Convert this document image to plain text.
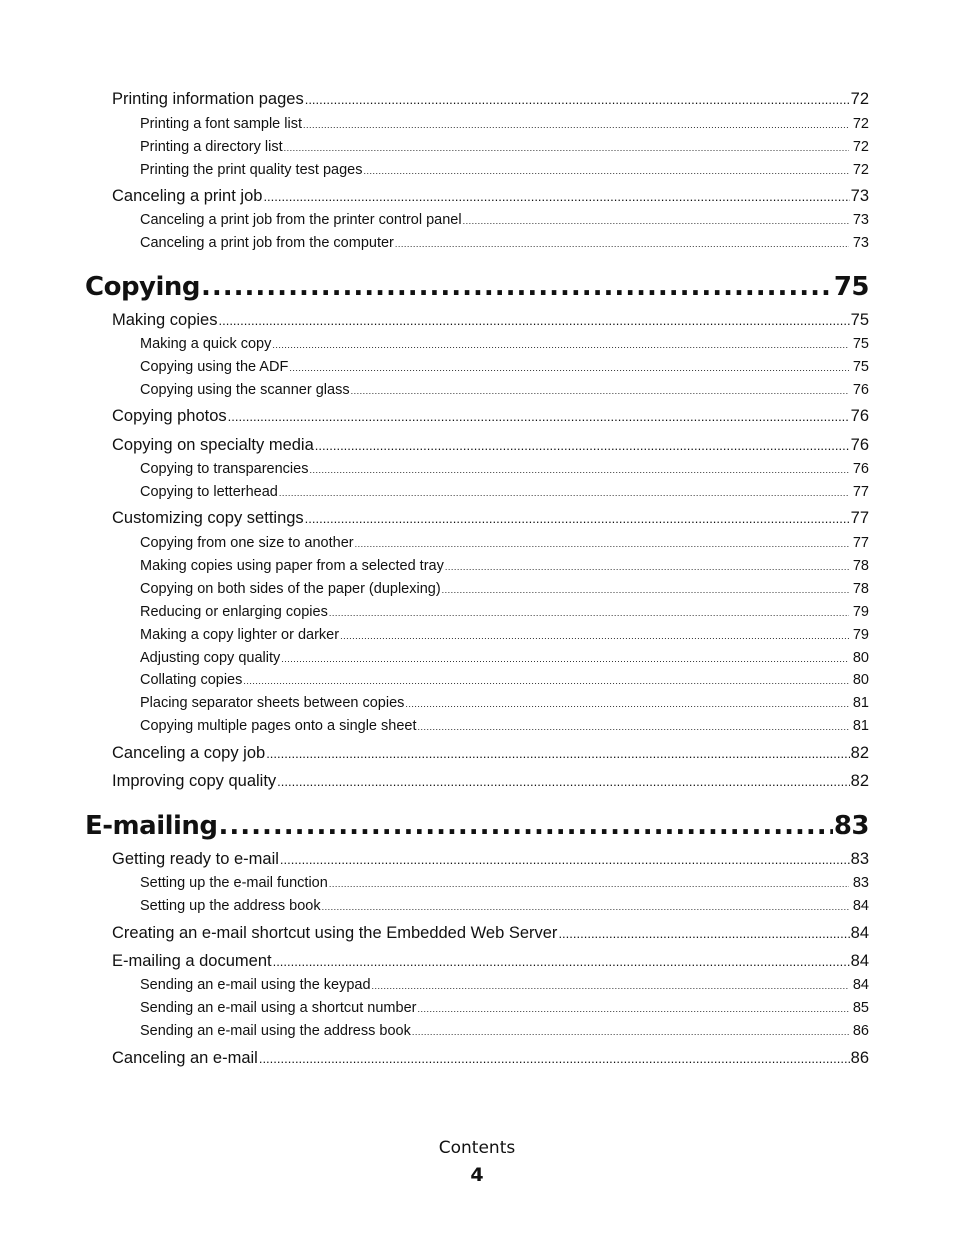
Printing information pages .....	72
Printing a font sample list .....	72
Printing a directory list .....	72
Printing the print quality test pages .....	72
Canceling a print job .....	73
Canceling a print job from the printer control panel .....	73
Canceling a print job from the computer .....	73
Copying .....	75
Making copies .....	75
Making a quick copy .....	75
Copying using the ADF .....	75
Copying using the scanner glass .....	76
Copying photos .....	76
Copying on specialty media .....	76
Copying to transparencies .....	76
Copying to letterhead .....	77
Customizing copy settings .....	77
Copying from one size to another .....	77
Making copies using paper from a selected tray .....	78
Copying on both sides of the paper (duplexing) .....	78
Reducing or enlarging copies .....	79
Making a copy lighter or darker .....	79
Adjusting copy quality .....	80
Collating copies .....	80
Placing separator sheets between copies .....	81
Copying multiple pages onto a single sheet .....	81
Canceling a copy job .....	82
Improving copy quality .....	82
E-mailing .....	83
Getting ready to e-mail .....	83
Setting up the e-mail function .....	83
Setting up the address book .....	84
Creating an e-mail shortcut using the Embedded Web Server .....	84
E-mailing a document .....	84
Sending an e-mail using the keypad .....	84
Sending an e-mail using a shortcut number .....	85
Sending an e-mail using the address book .....	86
Canceling an e-mail .....	86
Contents
4
